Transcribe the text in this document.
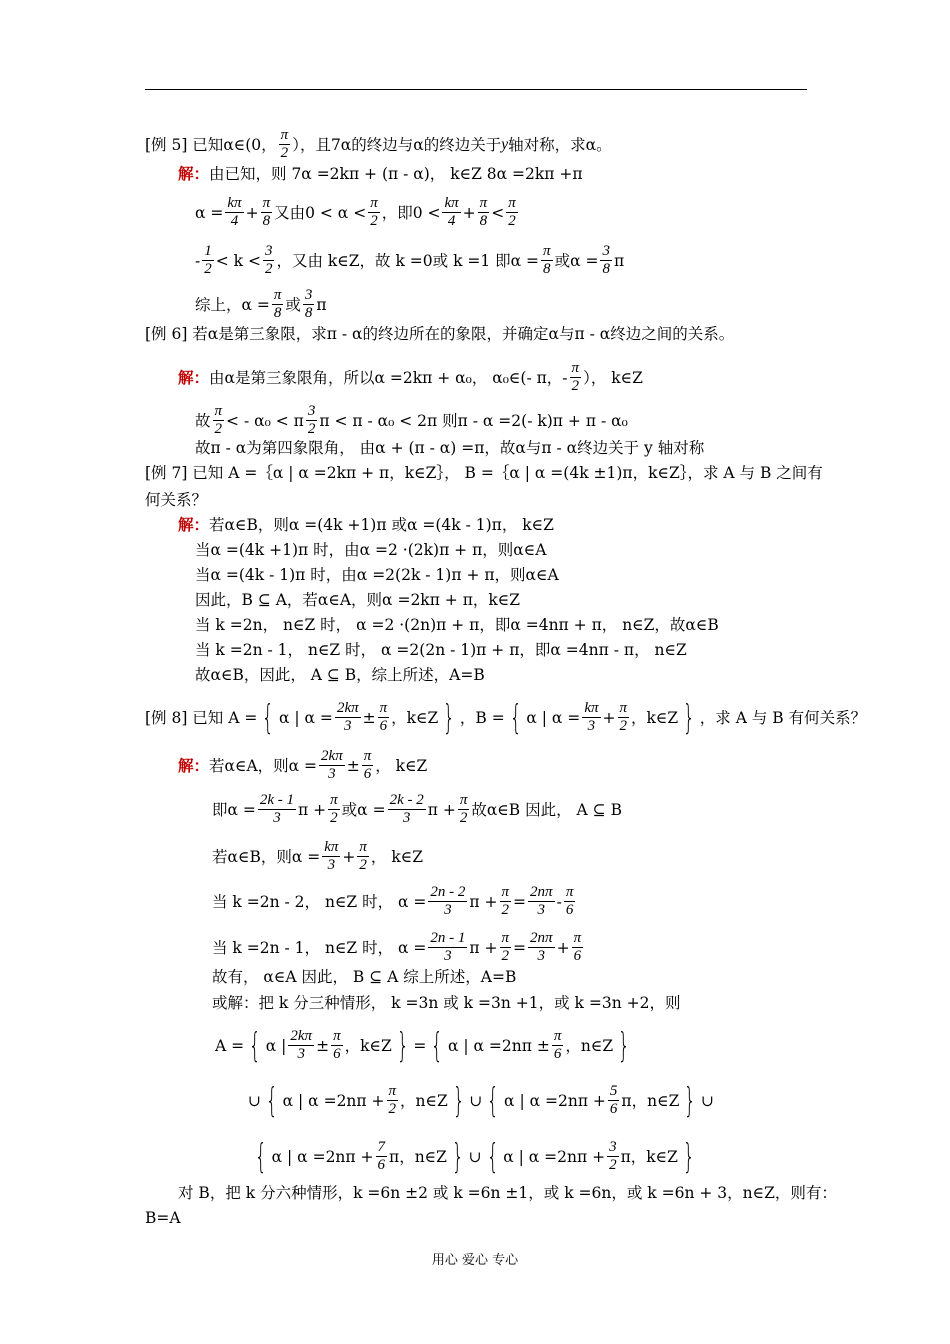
[例 5] 已知 α∈(0， $\frac{\pi}{2}$ ），且7α的终边与α的终边关于 y 轴对称，求α。
解： 由已知，则 7α =2kπ + (π - α)， k∈Z 8α =2kπ +π
$\alpha = \frac{k\pi}{4} + \frac{\pi}{8}$ 又由$0 < \alpha < \frac{\pi}{2}$ ，即$0 < \frac{k\pi}{4} + \frac{\pi}{8} < \frac{\pi}{2}$
- $\frac{1}{2} < k < \frac{3}{2}$ ，又由 k∈Z，故 k =0或 k =1 即$\alpha = \frac{\pi}{8}$ 或$\alpha = \frac{3}{8}$ π
综上，$\alpha = \frac{\pi}{8}$ 或 $\frac{3}{8}$ π
[例 6] 若α是第三象限，求π - α的终边所在的象限，并确定α与π - α终边之间的关系。
解： 由α是第三象限角，所以α =2kπ + α₀， α₀∈(- π，- $\frac{\pi}{2}$ ）， k∈Z
故 $\frac{\pi}{2}$ < - α₀ < π $\frac{3}{2}$ π < π - α₀ < 2π 则π - α =2(- k)π + π - α₀
故π - α为第四象限角， 由α + (π - α) =π，故α与π - α终边关于 y 轴对称
[例 7] 已知 A =｛α | α =2kπ + π，k∈Z｝， B =｛α | α =(4k ±1)π，k∈Z｝，求 A 与 B 之间有
何关系？
解： 若α∈B，则α =(4k +1)π 或α =(4k - 1)π， k∈Z
当α =(4k +1)π 时，由α =2 ·(2k)π + π，则α∈A
当α =(4k - 1)π 时，由α =2(2k - 1)π + π，则α∈A
因此，B ⊆ A，若α∈A，则α =2kπ + π，k∈Z
当 k =2n， n∈Z 时， α =2 ·(2n)π + π，即α =4nπ + π， n∈Z，故α∈B
当 k =2n - 1， n∈Z 时， α =2(2n - 1)π + π，即α =4nπ - π， n∈Z
故α∈B，因此， A ⊆ B，综上所述，A=B
[例 8] 已知 A = { α | $\alpha = \frac{2k\pi}{3} \pm \frac{\pi}{6}$ ，k∈Z } ，B = { α | $\alpha = \frac{k\pi}{3} + \frac{\pi}{2}$ ，k∈Z } ，求 A 与 B 有何关系？
解： 若α∈A，则$\alpha = \frac{2k\pi}{3} \pm \frac{\pi}{6}$ ， k∈Z
即$\alpha = \frac{2k - 1}{3}$ $\pi + \frac{\pi}{2}$ 或$\alpha = \frac{2k - 2}{3}$ $\pi + \frac{\pi}{2}$ 故α∈B 因此， A ⊆ B
若α∈B，则$\alpha = \frac{k\pi}{3} + \frac{\pi}{2}$ ， k∈Z
当 k =2n - 2， n∈Z 时， $\alpha = \frac{2n - 2}{3}$ $\pi + \frac{\pi}{2} = \frac{2n\pi}{3} - \frac{\pi}{6}$
当 k =2n - 1， n∈Z 时， $\alpha = \frac{2n - 1}{3}$ $\pi + \frac{\pi}{2} = \frac{2n\pi}{3} + \frac{\pi}{6}$
故有， α∈A 因此， B ⊆ A 综上所述，A=B
或解：把 k 分三种情形， k =3n 或 k =3n +1，或 k =3n +2，则
A = { α | $\frac{2k\pi}{3} \pm \frac{\pi}{6}$ ，k∈Z } = { α | $\alpha =2n\pi \pm \frac{\pi}{6}$ ，n∈Z }
∪ { α | $\alpha =2n\pi + \frac{\pi}{2}$ ，n∈Z } ∪ { α | $\alpha =2n\pi + \frac{5}{6}$ π，n∈Z } ∪
{ α | $\alpha =2n\pi + \frac{7}{6}$ π，n∈Z } ∪ { α | $\alpha =2n\pi + \frac{3}{2}$ π，k∈Z }
对 B，把 k 分六种情形，k =6n ±2 或 k =6n ±1，或 k =6n，或 k =6n + 3，n∈Z，则有：
B=A
用心 爱心 专心
